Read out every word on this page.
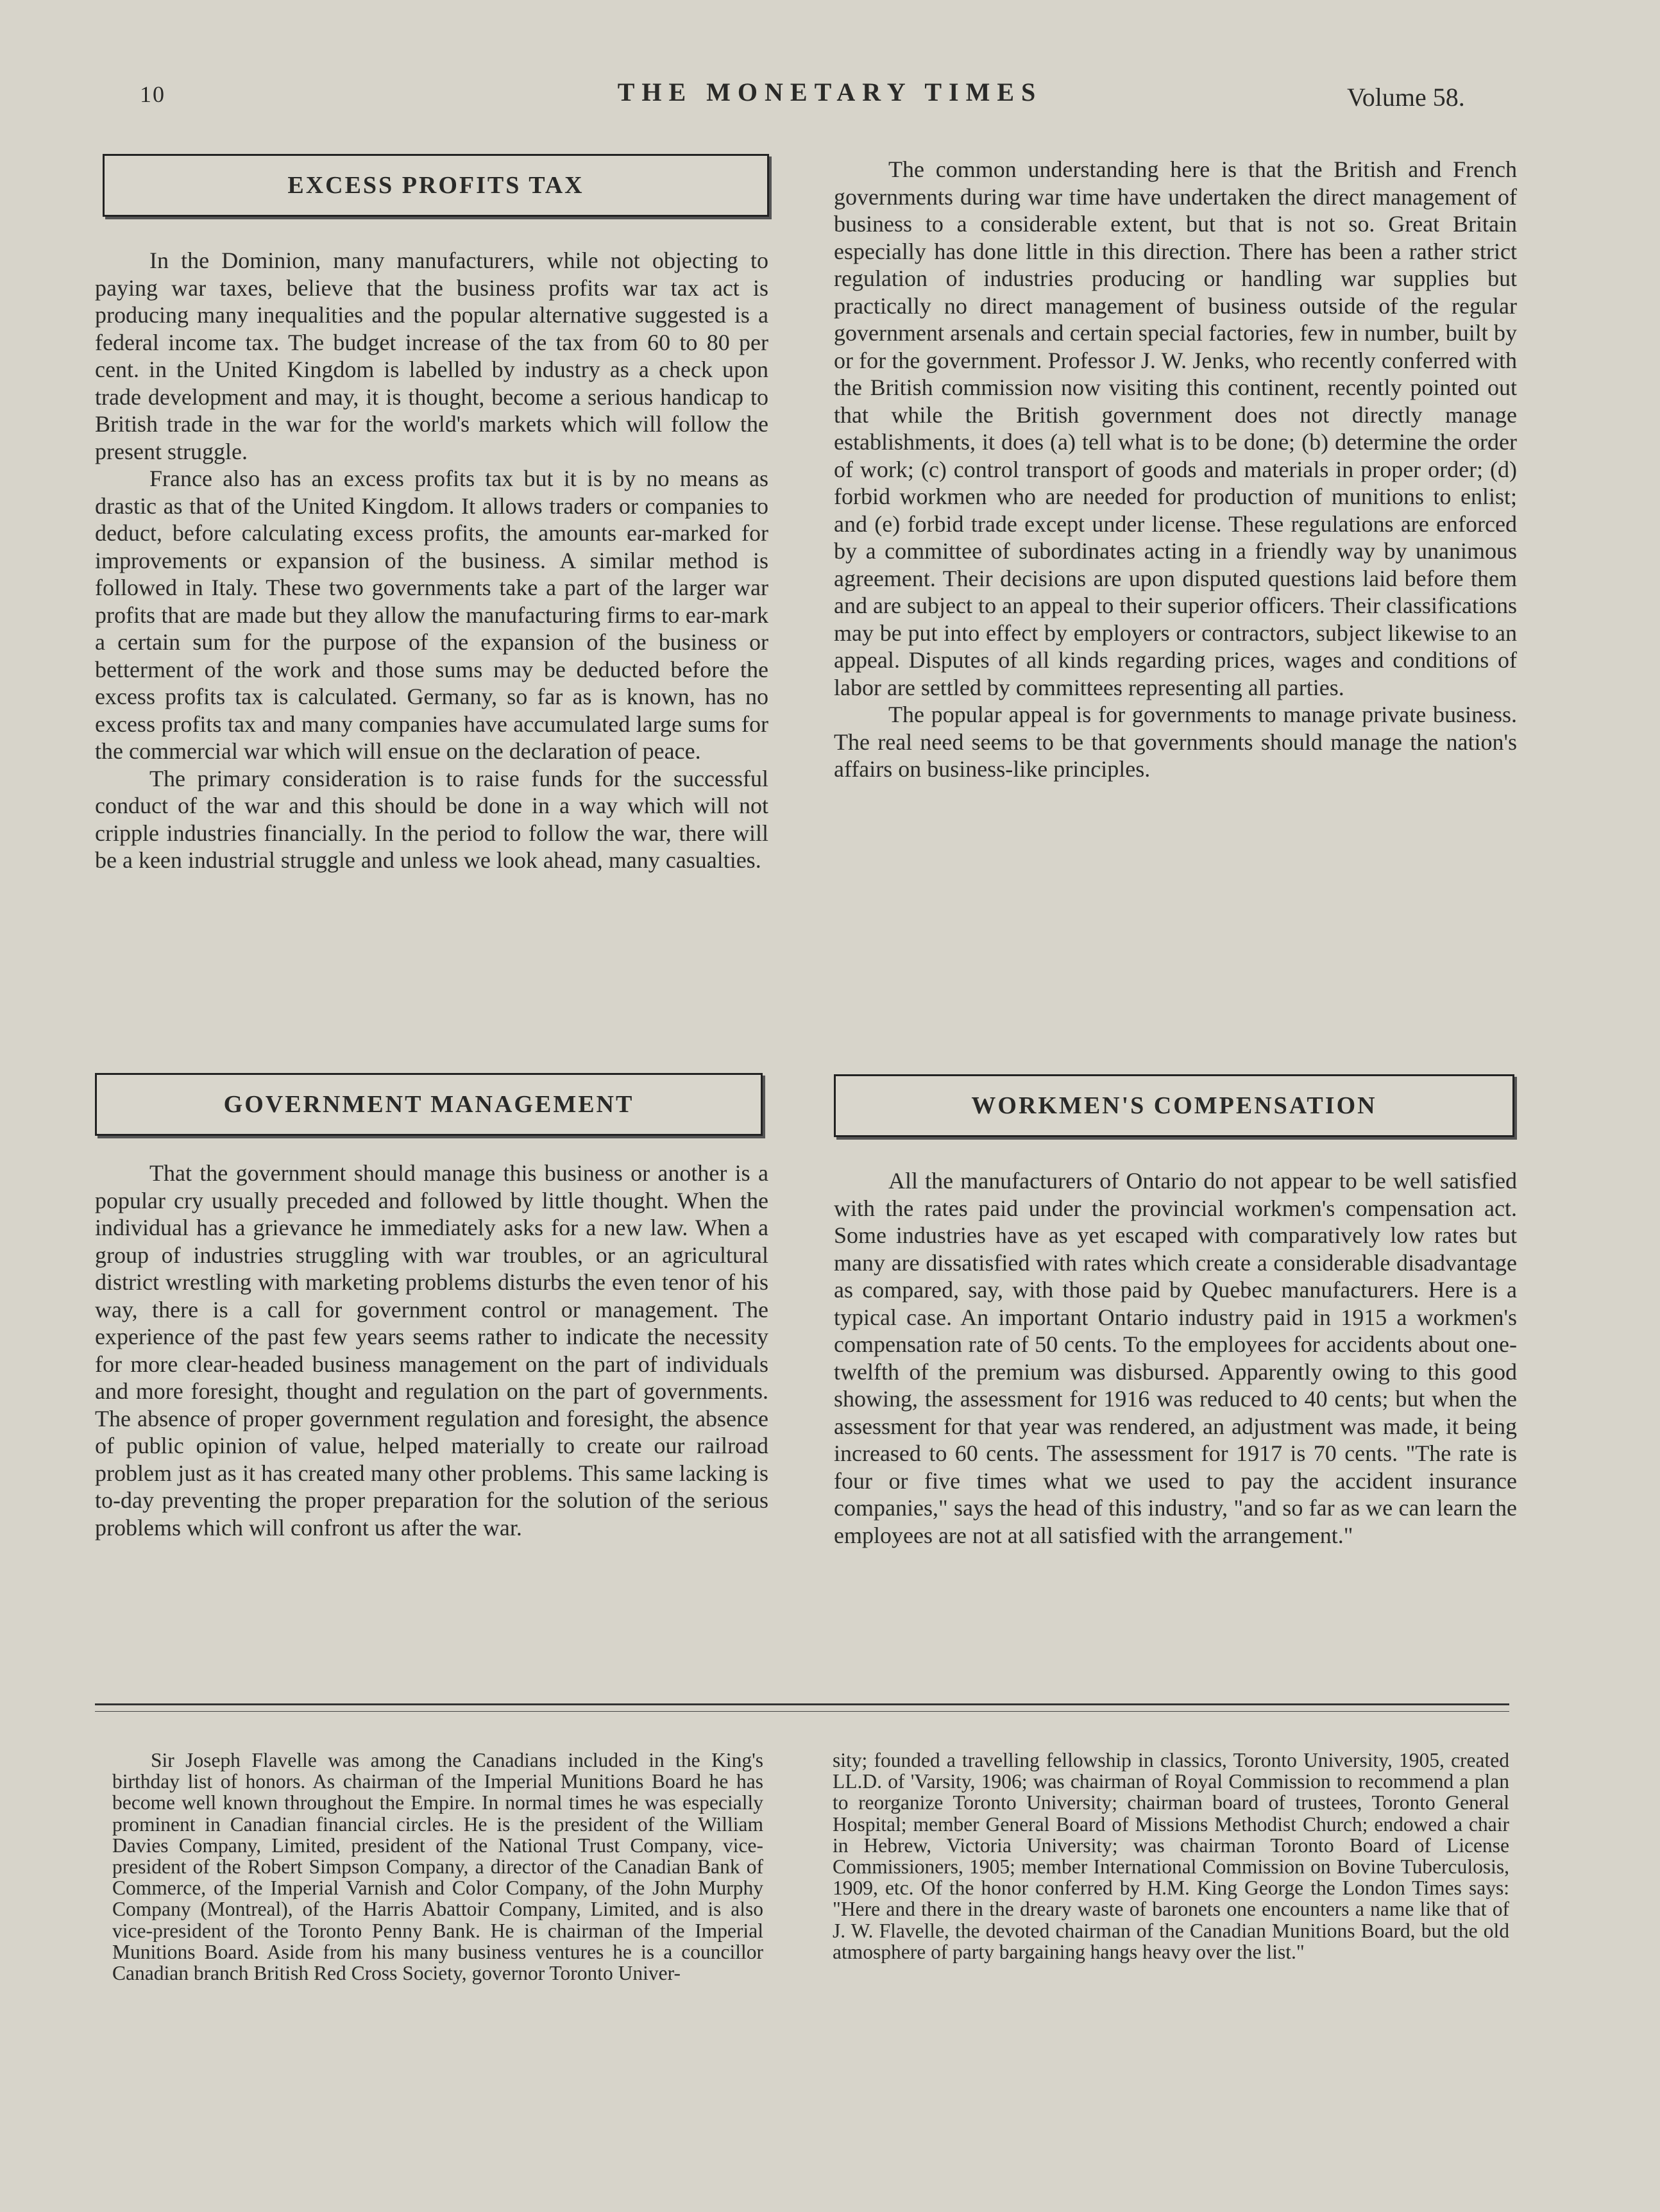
10	THE MONETARY TIMES	Volume 58.
EXCESS PROFITS TAX

In the Dominion, many manufacturers, while not objecting to paying war taxes, believe that the business profits war tax act is producing many inequalities and the popular alternative suggested is a federal income tax. The budget increase of the tax from 60 to 80 per cent. in the United Kingdom is labelled by industry as a check upon trade development and may, it is thought, become a serious handicap to British trade in the war for the world's markets which will follow the present struggle.

France also has an excess profits tax but it is by no means as drastic as that of the United Kingdom. It allows traders or companies to deduct, before calculating excess profits, the amounts ear-marked for improvements or expansion of the business. A similar method is followed in Italy. These two governments take a part of the larger war profits that are made but they allow the manufacturing firms to ear-mark a certain sum for the purpose of the expansion of the business or betterment of the work and those sums may be deducted before the excess profits tax is calculated. Germany, so far as is known, has no excess profits tax and many companies have accumulated large sums for the commercial war which will ensue on the declaration of peace.

The primary consideration is to raise funds for the successful conduct of the war and this should be done in a way which will not cripple industries financially. In the period to follow the war, there will be a keen industrial struggle and unless we look ahead, many casualties.

GOVERNMENT MANAGEMENT

That the government should manage this business or another is a popular cry usually preceded and followed by little thought. When the individual has a grievance he immediately asks for a new law. When a group of industries struggling with war troubles, or an agricultural district wrestling with marketing problems disturbs the even tenor of his way, there is a call for government control or management. The experience of the past few years seems rather to indicate the necessity for more clear-headed business management on the part of individuals and more foresight, thought and regulation on the part of governments. The absence of proper government regulation and foresight, the absence of public opinion of value, helped materially to create our railroad problem just as it has created many other problems. This same lacking is to-day preventing the proper preparation for the solution of the serious problems which will confront us after the war.

The common understanding here is that the British and French governments during war time have undertaken the direct management of business to a considerable extent, but that is not so. Great Britain especially has done little in this direction. There has been a rather strict regulation of industries producing or handling war supplies but practically no direct management of business outside of the regular government arsenals and certain special factories, few in number, built by or for the government. Professor J. W. Jenks, who recently conferred with the British commission now visiting this continent, recently pointed out that while the British government does not directly manage establishments, it does (a) tell what is to be done; (b) determine the order of work; (c) control transport of goods and materials in proper order; (d) forbid workmen who are needed for production of munitions to enlist; and (e) forbid trade except under license. These regulations are enforced by a committee of subordinates acting in a friendly way by unanimous agreement. Their decisions are upon disputed questions laid before them and are subject to an appeal to their superior officers. Their classifications may be put into effect by employers or contractors, subject likewise to an appeal. Disputes of all kinds regarding prices, wages and conditions of labor are settled by committees representing all parties.

The popular appeal is for governments to manage private business. The real need seems to be that governments should manage the nation's affairs on business-like principles.

WORKMEN'S COMPENSATION

All the manufacturers of Ontario do not appear to be well satisfied with the rates paid under the provincial workmen's compensation act. Some industries have as yet escaped with comparatively low rates but many are dissatisfied with rates which create a considerable disadvantage as compared, say, with those paid by Quebec manufacturers. Here is a typical case. An important Ontario industry paid in 1915 a workmen's compensation rate of 50 cents. To the employees for accidents about one-twelfth of the premium was disbursed. Apparently owing to this good showing, the assessment for 1916 was reduced to 40 cents; but when the assessment for that year was rendered, an adjustment was made, it being increased to 60 cents. The assessment for 1917 is 70 cents. "The rate is four or five times what we used to pay the accident insurance companies," says the head of this industry, "and so far as we can learn the employees are not at all satisfied with the arrangement."

Sir Joseph Flavelle was among the Canadians included in the King's birthday list of honors. As chairman of the Imperial Munitions Board he has become well known throughout the Empire. In normal times he was especially prominent in Canadian financial circles. He is the president of the William Davies Company, Limited, president of the National Trust Company, vice-president of the Robert Simpson Company, a director of the Canadian Bank of Commerce, of the Imperial Varnish and Color Company, of the John Murphy Company (Montreal), of the Harris Abattoir Company, Limited, and is also vice-president of the Toronto Penny Bank. He is chairman of the Imperial Munitions Board. Aside from his many business ventures he is a councillor Canadian branch British Red Cross Society, governor Toronto Univer-

sity; founded a travelling fellowship in classics, Toronto University, 1905, created LL.D. of 'Varsity, 1906; was chairman of Royal Commission to recommend a plan to reorganize Toronto University; chairman board of trustees, Toronto General Hospital; member General Board of Missions Methodist Church; endowed a chair in Hebrew, Victoria University; was chairman Toronto Board of License Commissioners, 1905; member International Commission on Bovine Tuberculosis, 1909, etc. Of the honor conferred by H.M. King George the London Times says: "Here and there in the dreary waste of baronets one encounters a name like that of J. W. Flavelle, the devoted chairman of the Canadian Munitions Board, but the old atmosphere of party bargaining hangs heavy over the list."
